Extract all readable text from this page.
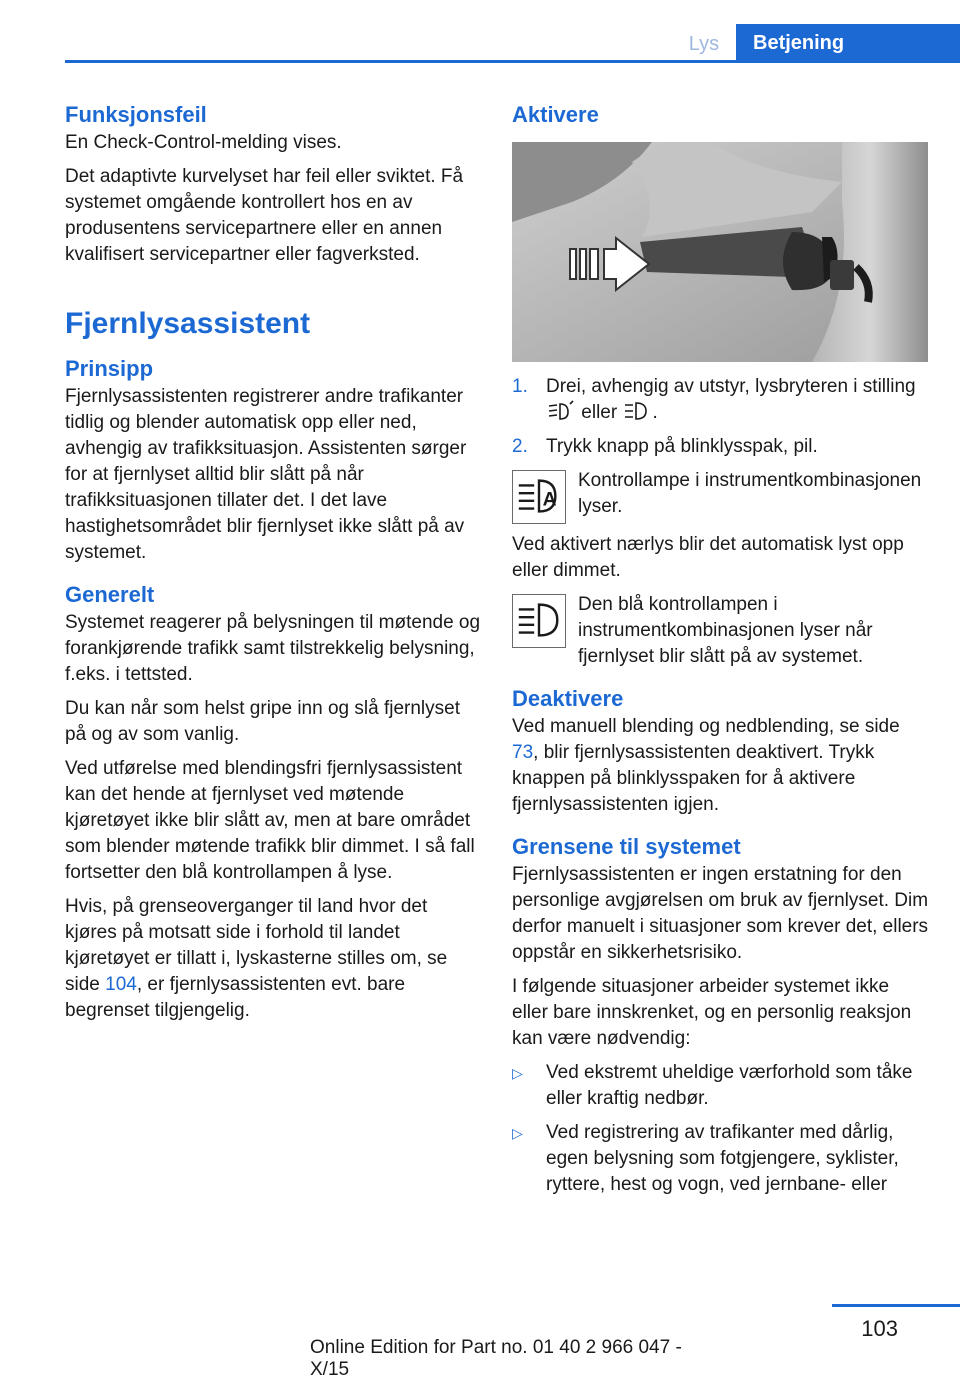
Lys	Betjening
Funksjonsfeil

En Check-Control-melding vises.

Det adaptivte kurvelyset har feil eller sviktet. Få systemet omgående kontrollert hos en av produsentens servicepartnere eller en annen kvalifisert servicepartner eller fagverksted.

Fjernlysassistent
Prinsipp

Fjernlysassistenten registrerer andre trafikanter tidlig og blender automatisk opp eller ned, avhengig av trafikksituasjon. Assistenten sørger for at fjernlyset alltid blir slått på når trafikksituasjonen tillater det. I det lave hastighetsområdet blir fjernlyset ikke slått på av systemet.

Generelt

Systemet reagerer på belysningen til møtende og forankjørende trafikk samt tilstrekkelig belysning, f.eks. i tettsted.

Du kan når som helst gripe inn og slå fjernlyset på og av som vanlig.

Ved utførelse med blendingsfri fjernlysassistent kan det hende at fjernlyset ved møtende kjøretøyet ikke blir slått av, men at bare området som blender møtende trafikk blir dimmet. I så fall fortsetter den blå kontrollampen å lyse.

Hvis, på grenseoverganger til land hvor det kjøres på motsatt side i forhold til landet kjøretøyet er tillatt i, lyskasterne stilles om, se side 104, er fjernlysassistenten evt. bare begrenset tilgjengelig.

Aktivere
1. Drei, avhengig av utstyr, lysbryteren i stilling  eller .
2. Trykk knapp på blinklysspak, pil.
A
Kontrollampe i instrumentkombinasjonen lyser.

Ved aktivert nærlys blir det automatisk lyst opp eller dimmet.

Den blå kontrollampen i instrumentkombinasjonen lyser når fjernlyset blir slått på av systemet.
Deaktivere

Ved manuell blending og nedblending, se side 73, blir fjernlysassistenten deaktivert. Trykk knappen på blinklysspaken for å aktivere fjernlysassistenten igjen.

Grensene til systemet

Fjernlysassistenten er ingen erstatning for den personlige avgjørelsen om bruk av fjernlyset. Dim derfor manuelt i situasjoner som krever det, ellers oppstår en sikkerhetsrisiko.

I følgende situasjoner arbeider systemet ikke eller bare innskrenket, og en personlig reaksjon kan være nødvendig:

▷	Ved ekstremt uheldige værforhold som tåke eller kraftig nedbør.
▷	Ved registrering av trafikanter med dårlig, egen belysning som fotgjengere, syklister, ryttere, hest og vogn, ved jernbane- eller
103
Online Edition for Part no. 01 40 2 966 047 - X/15
